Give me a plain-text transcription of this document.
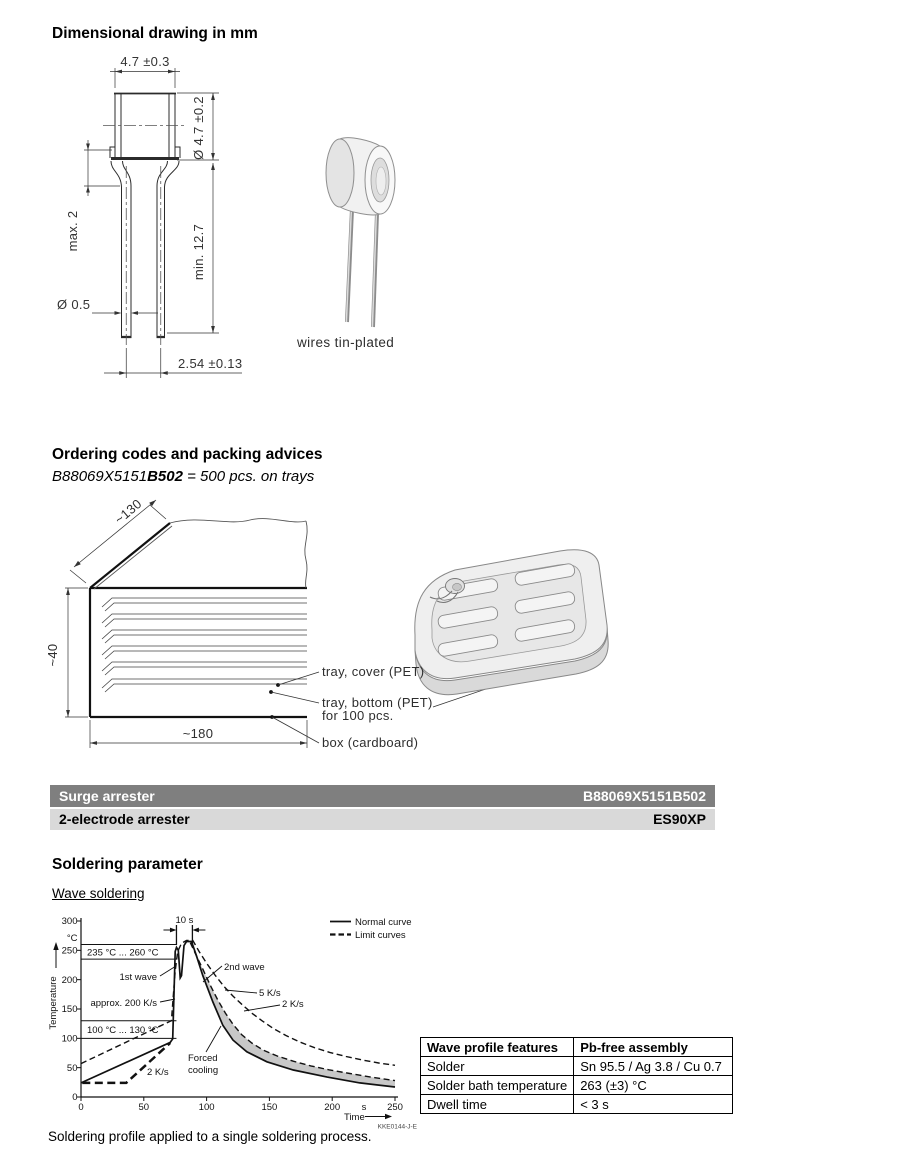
Dimensional drawing in mm
4.7 ±0.3
Ø 4.7 ±0.2
min. 12.7
max. 2
Ø 0.5
2.54 ±0.13
wires tin-plated
Ordering codes and packing advices
B88069X5151B502 = 500 pcs. on trays
~130
~40
~180
tray, cover (PET)
tray, bottom (PET)
for 100 pcs.
box (cardboard)
Surge arrester	B88069X5151B502
2-electrode arrester	ES90XP
Soldering parameter
Wave soldering
235 °C ... 260 °C
100 °C ... 130 °C
0	50	100	150	200	250
s
0
50
100
150
200
250
300
°C
Temperature
Time
10 s
1st wave
2nd wave
5 K/s
2 K/s
approx. 200 K/s
Forced
cooling
2 K/s
Normal curve
Limit curves
KKE0144-J-E
Wave profile features	Pb-free assembly
Solder	Sn 95.5 / Ag 3.8 / Cu 0.7
Solder bath temperature	263 (±3) °C
Dwell time	< 3 s
Soldering profile applied to a single soldering process.
